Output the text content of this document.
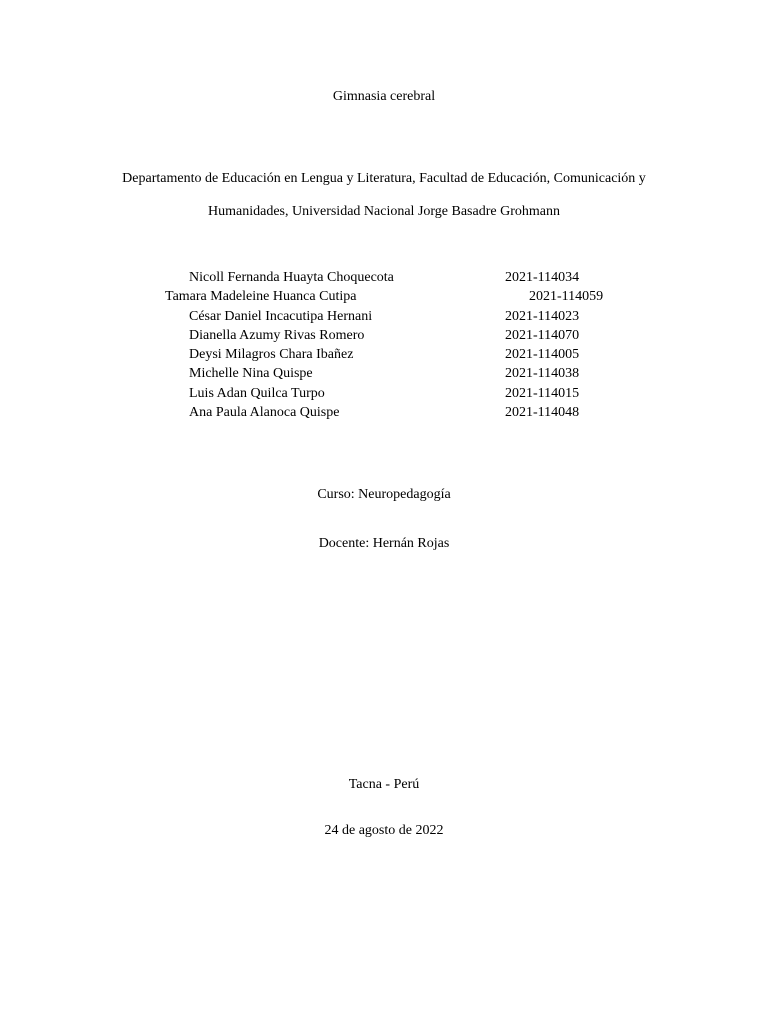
Gimnasia cerebral
Departamento de Educación en Lengua y Literatura, Facultad de Educación, Comunicación y
Humanidades, Universidad Nacional Jorge Basadre Grohmann
Nicoll Fernanda Huayta Choquecota	2021-114034
Tamara Madeleine Huanca Cutipa	2021-114059
César Daniel Incacutipa Hernani	2021-114023
Dianella Azumy Rivas Romero	2021-114070
Deysi Milagros Chara Ibañez	2021-114005
Michelle Nina Quispe	2021-114038
Luis Adan Quilca Turpo	2021-114015
Ana Paula Alanoca Quispe	2021-114048
Curso: Neuropedagogía
Docente: Hernán Rojas
Tacna - Perú
24 de agosto de 2022
